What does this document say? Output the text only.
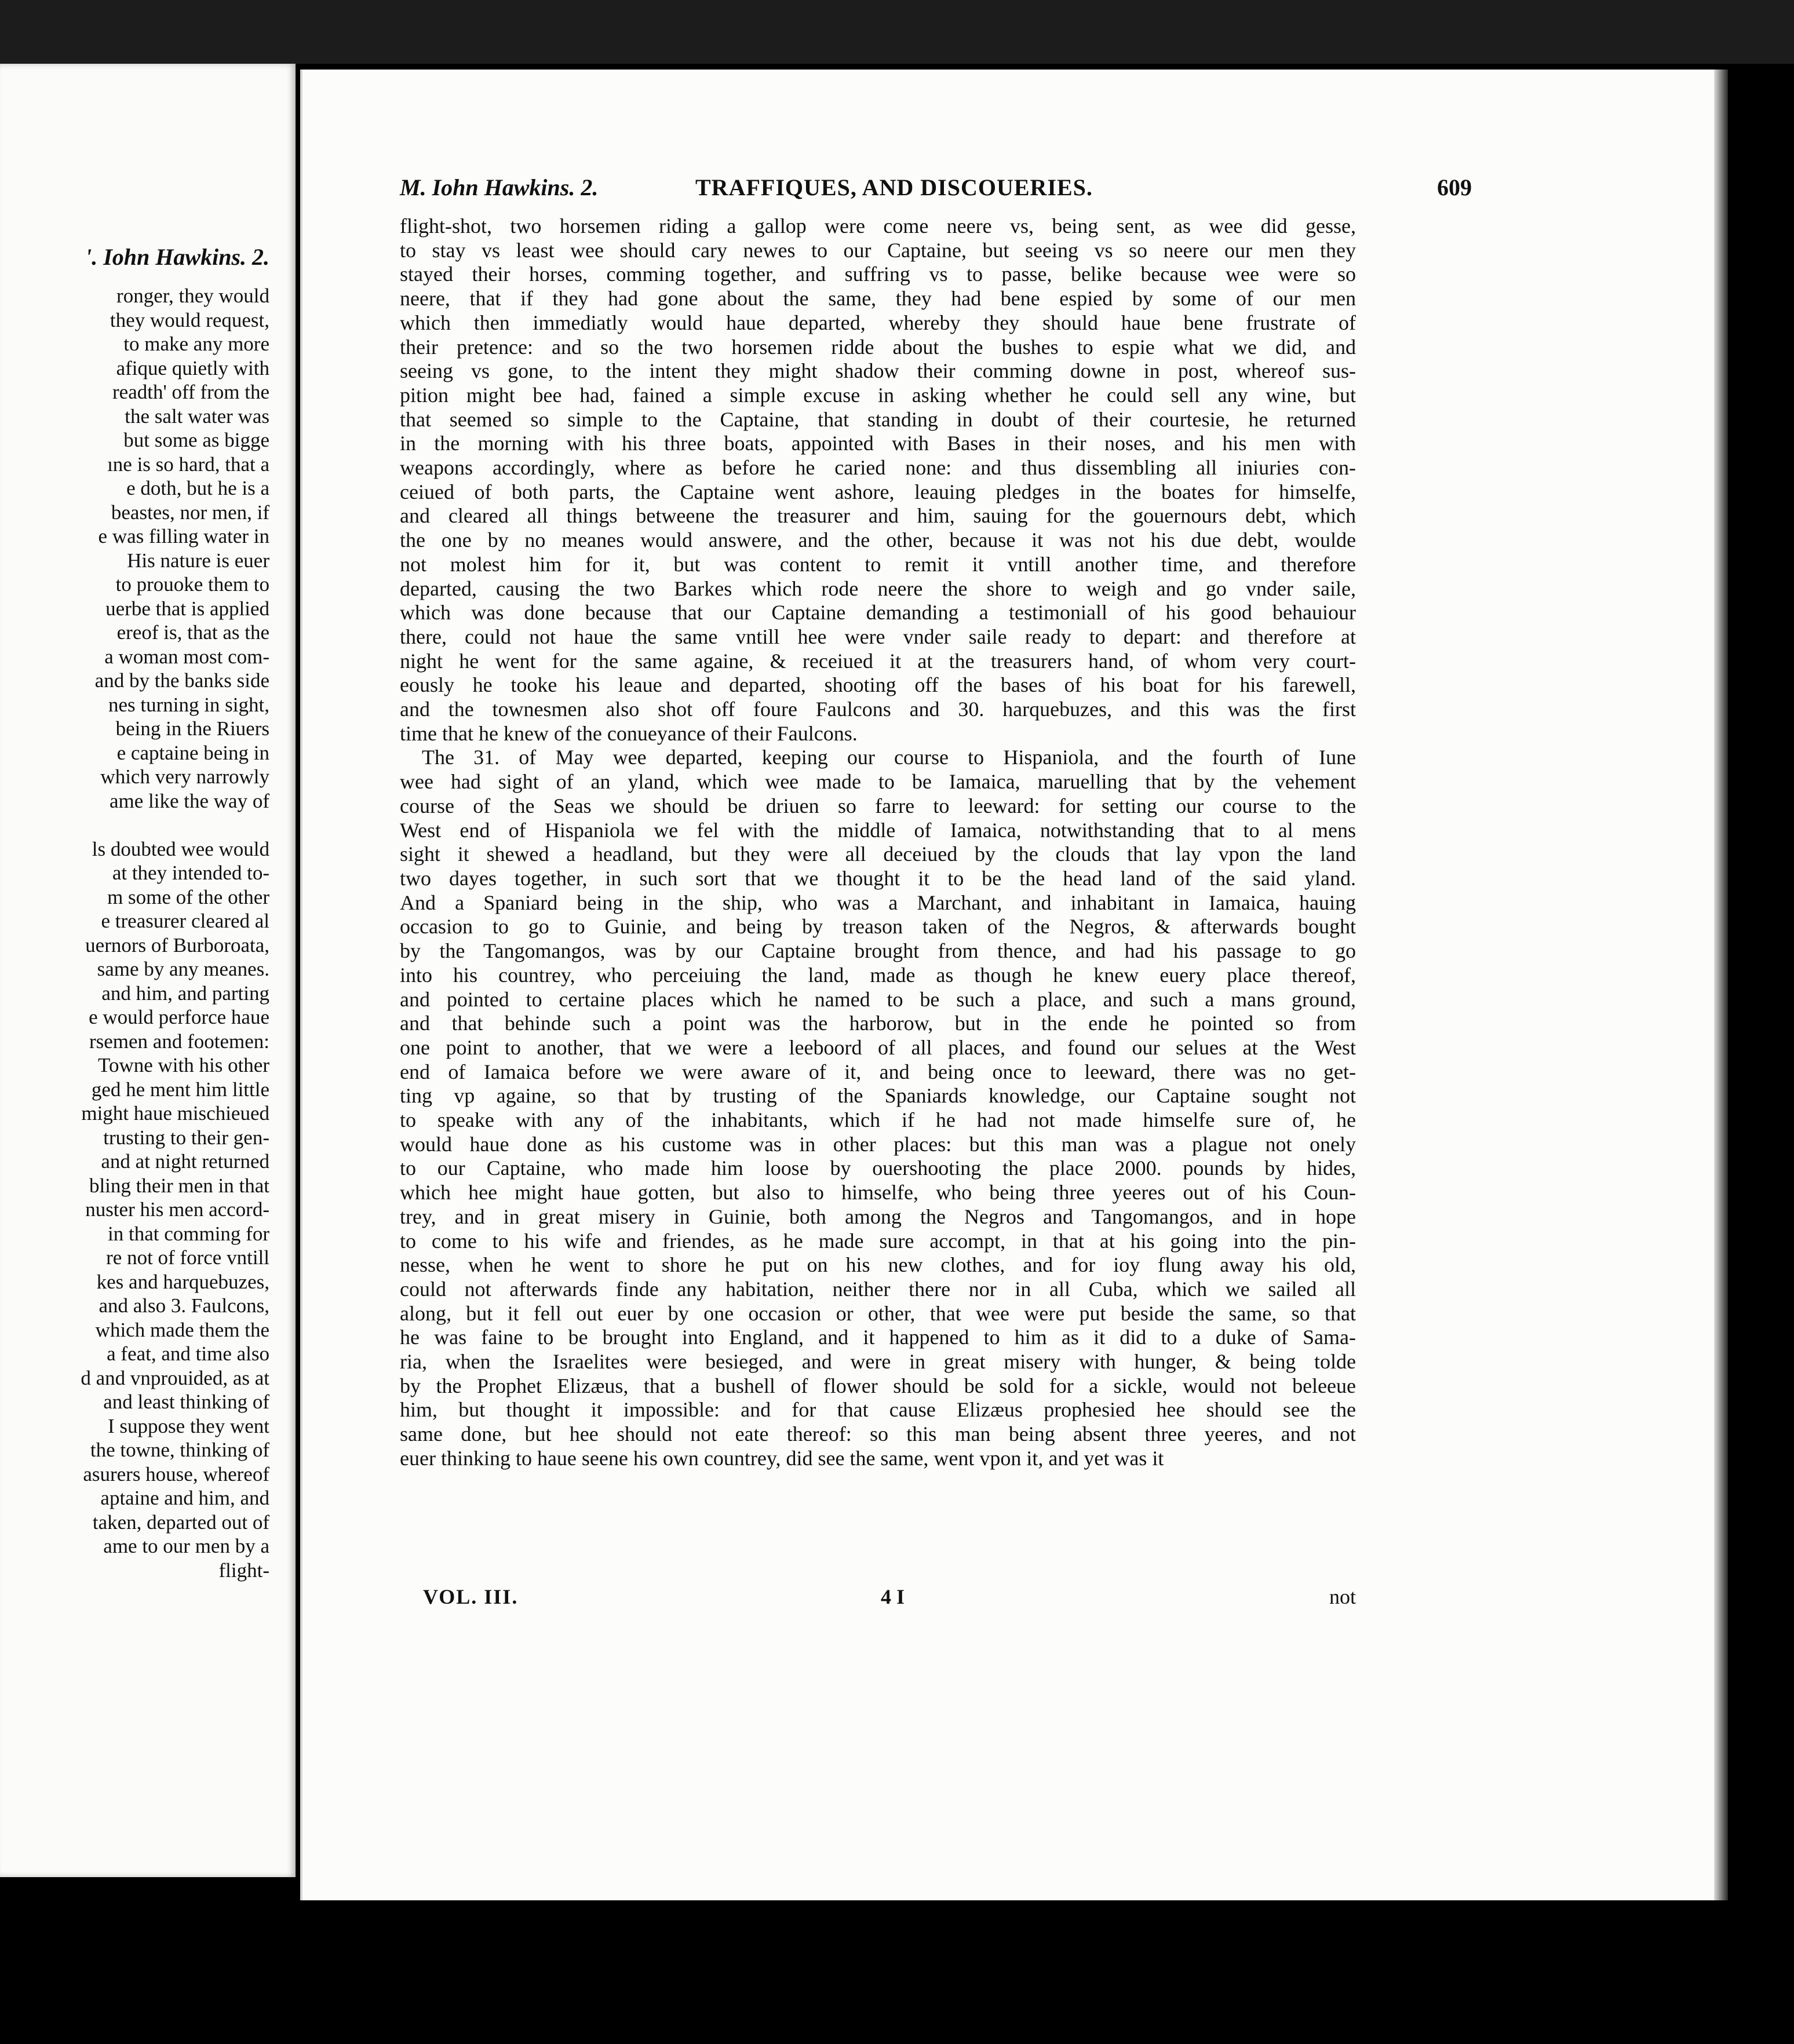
'. Iohn Hawkins. 2.
ronger, they would
they would request,
to make any more
afique quietly with
readth' off from the
the salt water was
but some as bigge
ıne is so hard, that a
e doth, but he is a
beastes, nor men, if
e was filling water in
His nature is euer
to prouoke them to
uerbe that is applied
ereof is, that as the
a woman most com-
and by the banks side
nes turning in sight,
being in the Riuers
e captaine being in
which very narrowly
ame like the way of

ls doubted wee would
at they intended to-
m some of the other
e treasurer cleared al
uernors of Burboroata,
same by any meanes.
and him, and parting
e would perforce haue
rsemen and footemen:
Towne with his other
ged he ment him little
might haue mischieued
trusting to their gen-
and at night returned
bling their men in that
nuster his men accord-
in that comming for
re not of force vntill
kes and harquebuzes,
and also 3. Faulcons,
which made them the
a feat, and time also
d and vnprouided, as at
and least thinking of
I suppose they went
the towne, thinking of
asurers house, whereof
aptaine and him, and
taken, departed out of
ame to our men by a
flight-
M. Iohn Hawkins. 2.	TRAFFIQUES, AND DISCOUERIES.	609
flight-shot, two horsemen riding a gallop were come neere vs, being sent, as wee did gesse,
to stay vs least wee should cary newes to our Captaine, but seeing vs so neere our men they
stayed their horses, comming together, and suffring vs to passe, belike because wee were so
neere, that if they had gone about the same, they had bene espied by some of our men
which then immediatly would haue departed, whereby they should haue bene frustrate of
their pretence: and so the two horsemen ridde about the bushes to espie what we did, and
seeing vs gone, to the intent they might shadow their comming downe in post, whereof sus-
pition might bee had, fained a simple excuse in asking whether he could sell any wine, but
that seemed so simple to the Captaine, that standing in doubt of their courtesie, he returned
in the morning with his three boats, appointed with Bases in their noses, and his men with
weapons accordingly, where as before he caried none: and thus dissembling all iniuries con-
ceiued of both parts, the Captaine went ashore, leauing pledges in the boates for himselfe,
and cleared all things betweene the treasurer and him, sauing for the gouernours debt, which
the one by no meanes would answere, and the other, because it was not his due debt, woulde
not molest him for it, but was content to remit it vntill another time, and therefore
departed, causing the two Barkes which rode neere the shore to weigh and go vnder saile,
which was done because that our Captaine demanding a testimoniall of his good behauiour
there, could not haue the same vntill hee were vnder saile ready to depart: and therefore at
night he went for the same againe, & receiued it at the treasurers hand, of whom very court-
eously he tooke his leaue and departed, shooting off the bases of his boat for his farewell,
and the townesmen also shot off foure Faulcons and 30. harquebuzes, and this was the first
time that he knew of the conueyance of their Faulcons.
The 31. of May wee departed, keeping our course to Hispaniola, and the fourth of Iune
wee had sight of an yland, which wee made to be Iamaica, maruelling that by the vehement
course of the Seas we should be driuen so farre to leeward: for setting our course to the
West end of Hispaniola we fel with the middle of Iamaica, notwithstanding that to al mens
sight it shewed a headland, but they were all deceiued by the clouds that lay vpon the land
two dayes together, in such sort that we thought it to be the head land of the said yland.
And a Spaniard being in the ship, who was a Marchant, and inhabitant in Iamaica, hauing
occasion to go to Guinie, and being by treason taken of the Negros, & afterwards bought
by the Tangomangos, was by our Captaine brought from thence, and had his passage to go
into his countrey, who perceiuing the land, made as though he knew euery place thereof,
and pointed to certaine places which he named to be such a place, and such a mans ground,
and that behinde such a point was the harborow, but in the ende he pointed so from
one point to another, that we were a leeboord of all places, and found our selues at the West
end of Iamaica before we were aware of it, and being once to leeward, there was no get-
ting vp againe, so that by trusting of the Spaniards knowledge, our Captaine sought not
to speake with any of the inhabitants, which if he had not made himselfe sure of, he
would haue done as his custome was in other places: but this man was a plague not onely
to our Captaine, who made him loose by ouershooting the place 2000. pounds by hides,
which hee might haue gotten, but also to himselfe, who being three yeeres out of his Coun-
trey, and in great misery in Guinie, both among the Negros and Tangomangos, and in hope
to come to his wife and friendes, as he made sure accompt, in that at his going into the pin-
nesse, when he went to shore he put on his new clothes, and for ioy flung away his old,
could not afterwards finde any habitation, neither there nor in all Cuba, which we sailed all
along, but it fell out euer by one occasion or other, that wee were put beside the same, so that
he was faine to be brought into England, and it happened to him as it did to a duke of Sama-
ria, when the Israelites were besieged, and were in great misery with hunger, & being tolde
by the Prophet Elizæus, that a bushell of flower should be sold for a sickle, would not beleeue
him, but thought it impossible: and for that cause Elizæus prophesied hee should see the
same done, but hee should not eate thereof: so this man being absent three yeeres, and not
euer thinking to haue seene his own countrey, did see the same, went vpon it, and yet was it
VOL. III.	4 I	not
